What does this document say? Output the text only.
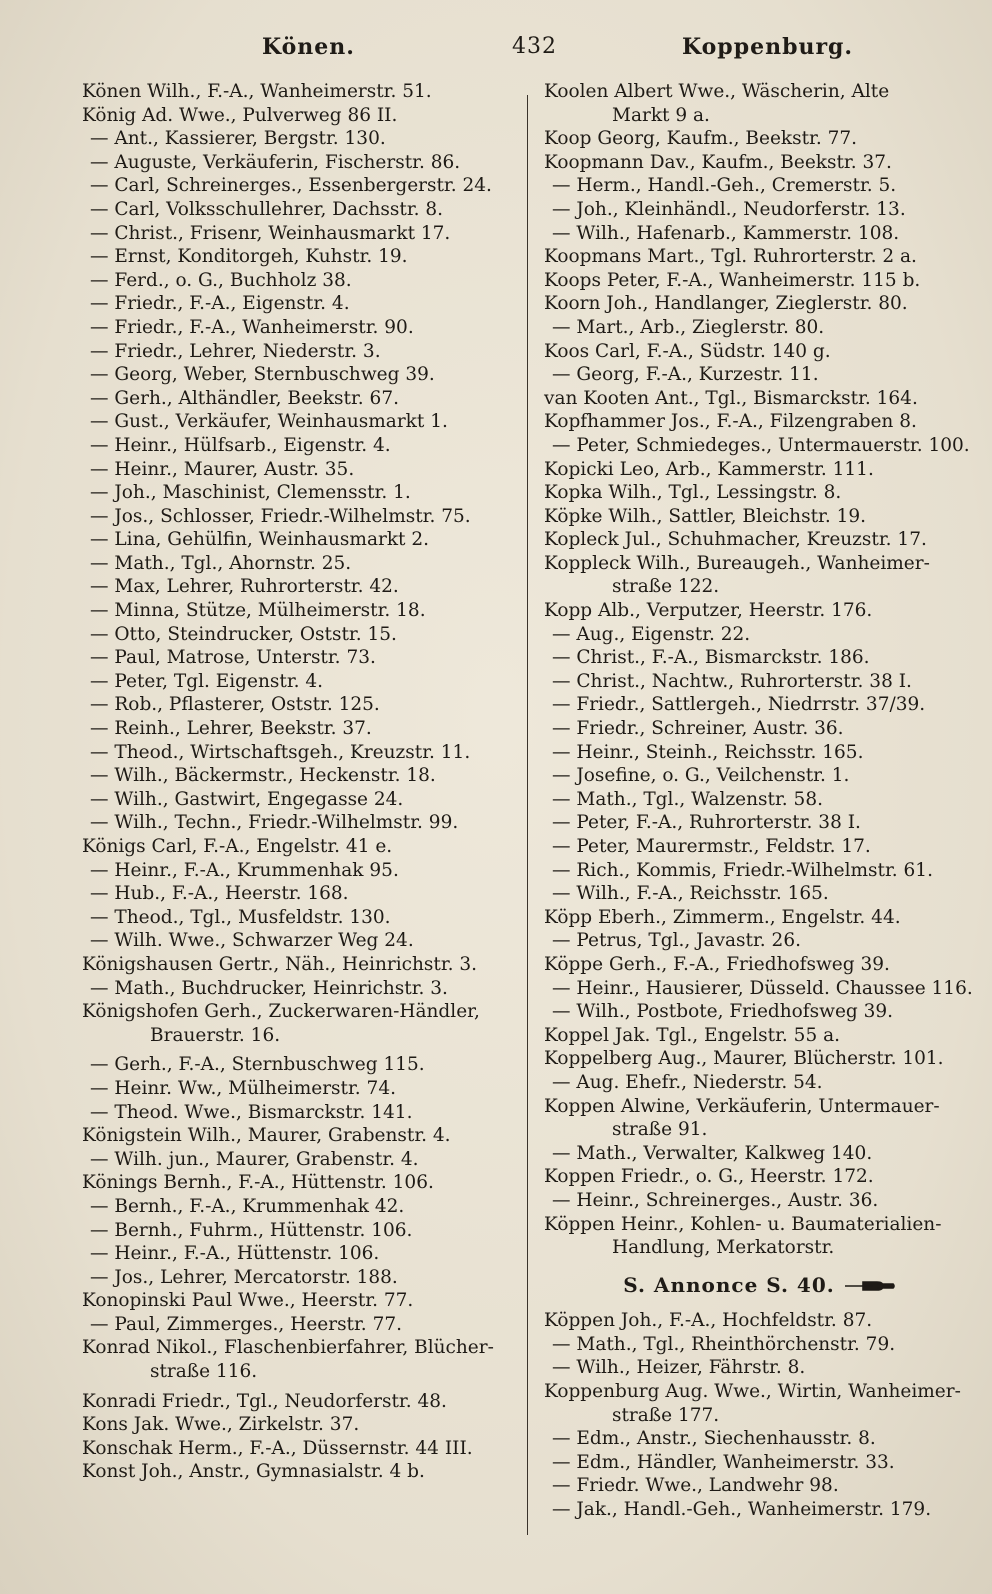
Könen.	432	Koppenburg.
Könen Wilh., F.-A., Wanheimerstr. 51.
König Ad. Wwe., Pulverweg 86 II.
— Ant., Kassierer, Bergstr. 130.
— Auguste, Verkäuferin, Fischerstr. 86.
— Carl, Schreinerges., Essenbergerstr. 24.
— Carl, Volksschullehrer, Dachsstr. 8.
— Christ., Frisenr, Weinhausmarkt 17.
— Ernst, Konditorgeh, Kuhstr. 19.
— Ferd., o. G., Buchholz 38.
— Friedr., F.-A., Eigenstr. 4.
— Friedr., F.-A., Wanheimerstr. 90.
— Friedr., Lehrer, Niederstr. 3.
— Georg, Weber, Sternbuschweg 39.
— Gerh., Althändler, Beekstr. 67.
— Gust., Verkäufer, Weinhausmarkt 1.
— Heinr., Hülfsarb., Eigenstr. 4.
— Heinr., Maurer, Austr. 35.
— Joh., Maschinist, Clemensstr. 1.
— Jos., Schlosser, Friedr.-Wilhelmstr. 75.
— Lina, Gehülfin, Weinhausmarkt 2.
— Math., Tgl., Ahornstr. 25.
— Max, Lehrer, Ruhrorterstr. 42.
— Minna, Stütze, Mülheimerstr. 18.
— Otto, Steindrucker, Oststr. 15.
— Paul, Matrose, Unterstr. 73.
— Peter, Tgl. Eigenstr. 4.
— Rob., Pflasterer, Oststr. 125.
— Reinh., Lehrer, Beekstr. 37.
— Theod., Wirtschaftsgeh., Kreuzstr. 11.
— Wilh., Bäckermstr., Heckenstr. 18.
— Wilh., Gastwirt, Engegasse 24.
— Wilh., Techn., Friedr.-Wilhelmstr. 99.
Königs Carl, F.-A., Engelstr. 41 e.
— Heinr., F.-A., Krummenhak 95.
— Hub., F.-A., Heerstr. 168.
— Theod., Tgl., Musfeldstr. 130.
— Wilh. Wwe., Schwarzer Weg 24.
Königshausen Gertr., Näh., Heinrichstr. 3.
— Math., Buchdrucker, Heinrichstr. 3.
Königshofen Gerh., Zuckerwaren-Händler,
Brauerstr. 16.
— Gerh., F.-A., Sternbuschweg 115.
— Heinr. Ww., Mülheimerstr. 74.
— Theod. Wwe., Bismarckstr. 141.
Königstein Wilh., Maurer, Grabenstr. 4.
— Wilh. jun., Maurer, Grabenstr. 4.
Könings Bernh., F.-A., Hüttenstr. 106.
— Bernh., F.-A., Krummenhak 42.
— Bernh., Fuhrm., Hüttenstr. 106.
— Heinr., F.-A., Hüttenstr. 106.
— Jos., Lehrer, Mercatorstr. 188.
Konopinski Paul Wwe., Heerstr. 77.
— Paul, Zimmerges., Heerstr. 77.
Konrad Nikol., Flaschenbierfahrer, Blücher-
straße 116.
Konradi Friedr., Tgl., Neudorferstr. 48.
Kons Jak. Wwe., Zirkelstr. 37.
Konschak Herm., F.-A., Düssernstr. 44 III.
Konst Joh., Anstr., Gymnasialstr. 4 b.
Koolen Albert Wwe., Wäscherin, Alte
Markt 9 a.
Koop Georg, Kaufm., Beekstr. 77.
Koopmann Dav., Kaufm., Beekstr. 37.
— Herm., Handl.-Geh., Cremerstr. 5.
— Joh., Kleinhändl., Neudorferstr. 13.
— Wilh., Hafenarb., Kammerstr. 108.
Koopmans Mart., Tgl. Ruhrorterstr. 2 a.
Koops Peter, F.-A., Wanheimerstr. 115 b.
Koorn Joh., Handlanger, Zieglerstr. 80.
— Mart., Arb., Zieglerstr. 80.
Koos Carl, F.-A., Südstr. 140 g.
— Georg, F.-A., Kurzestr. 11.
van Kooten Ant., Tgl., Bismarckstr. 164.
Kopfhammer Jos., F.-A., Filzengraben 8.
— Peter, Schmiedeges., Untermauerstr. 100.
Kopicki Leo, Arb., Kammerstr. 111.
Kopka Wilh., Tgl., Lessingstr. 8.
Köpke Wilh., Sattler, Bleichstr. 19.
Kopleck Jul., Schuhmacher, Kreuzstr. 17.
Koppleck Wilh., Bureaugeh., Wanheimer-
straße 122.
Kopp Alb., Verputzer, Heerstr. 176.
— Aug., Eigenstr. 22.
— Christ., F.-A., Bismarckstr. 186.
— Christ., Nachtw., Ruhrorterstr. 38 I.
— Friedr., Sattlergeh., Niedrrstr. 37/39.
— Friedr., Schreiner, Austr. 36.
— Heinr., Steinh., Reichsstr. 165.
— Josefine, o. G., Veilchenstr. 1.
— Math., Tgl., Walzenstr. 58.
— Peter, F.-A., Ruhrorterstr. 38 I.
— Peter, Maurermstr., Feldstr. 17.
— Rich., Kommis, Friedr.-Wilhelmstr. 61.
— Wilh., F.-A., Reichsstr. 165.
Köpp Eberh., Zimmerm., Engelstr. 44.
— Petrus, Tgl., Javastr. 26.
Köppe Gerh., F.-A., Friedhofsweg 39.
— Heinr., Hausierer, Düsseld. Chaussee 116.
— Wilh., Postbote, Friedhofsweg 39.
Koppel Jak. Tgl., Engelstr. 55 a.
Koppelberg Aug., Maurer, Blücherstr. 101.
— Aug. Ehefr., Niederstr. 54.
Koppen Alwine, Verkäuferin, Untermauer-
straße 91.
— Math., Verwalter, Kalkweg 140.
Koppen Friedr., o. G., Heerstr. 172.
— Heinr., Schreinerges., Austr. 36.
Köppen Heinr., Kohlen- u. Baumaterialien-
Handlung, Merkatorstr.
S. Annonce S. 40.
Köppen Joh., F.-A., Hochfeldstr. 87.
— Math., Tgl., Rheinthörchenstr. 79.
— Wilh., Heizer, Fährstr. 8.
Koppenburg Aug. Wwe., Wirtin, Wanheimer-
straße 177.
— Edm., Anstr., Siechenhausstr. 8.
— Edm., Händler, Wanheimerstr. 33.
— Friedr. Wwe., Landwehr 98.
— Jak., Handl.-Geh., Wanheimerstr. 179.
